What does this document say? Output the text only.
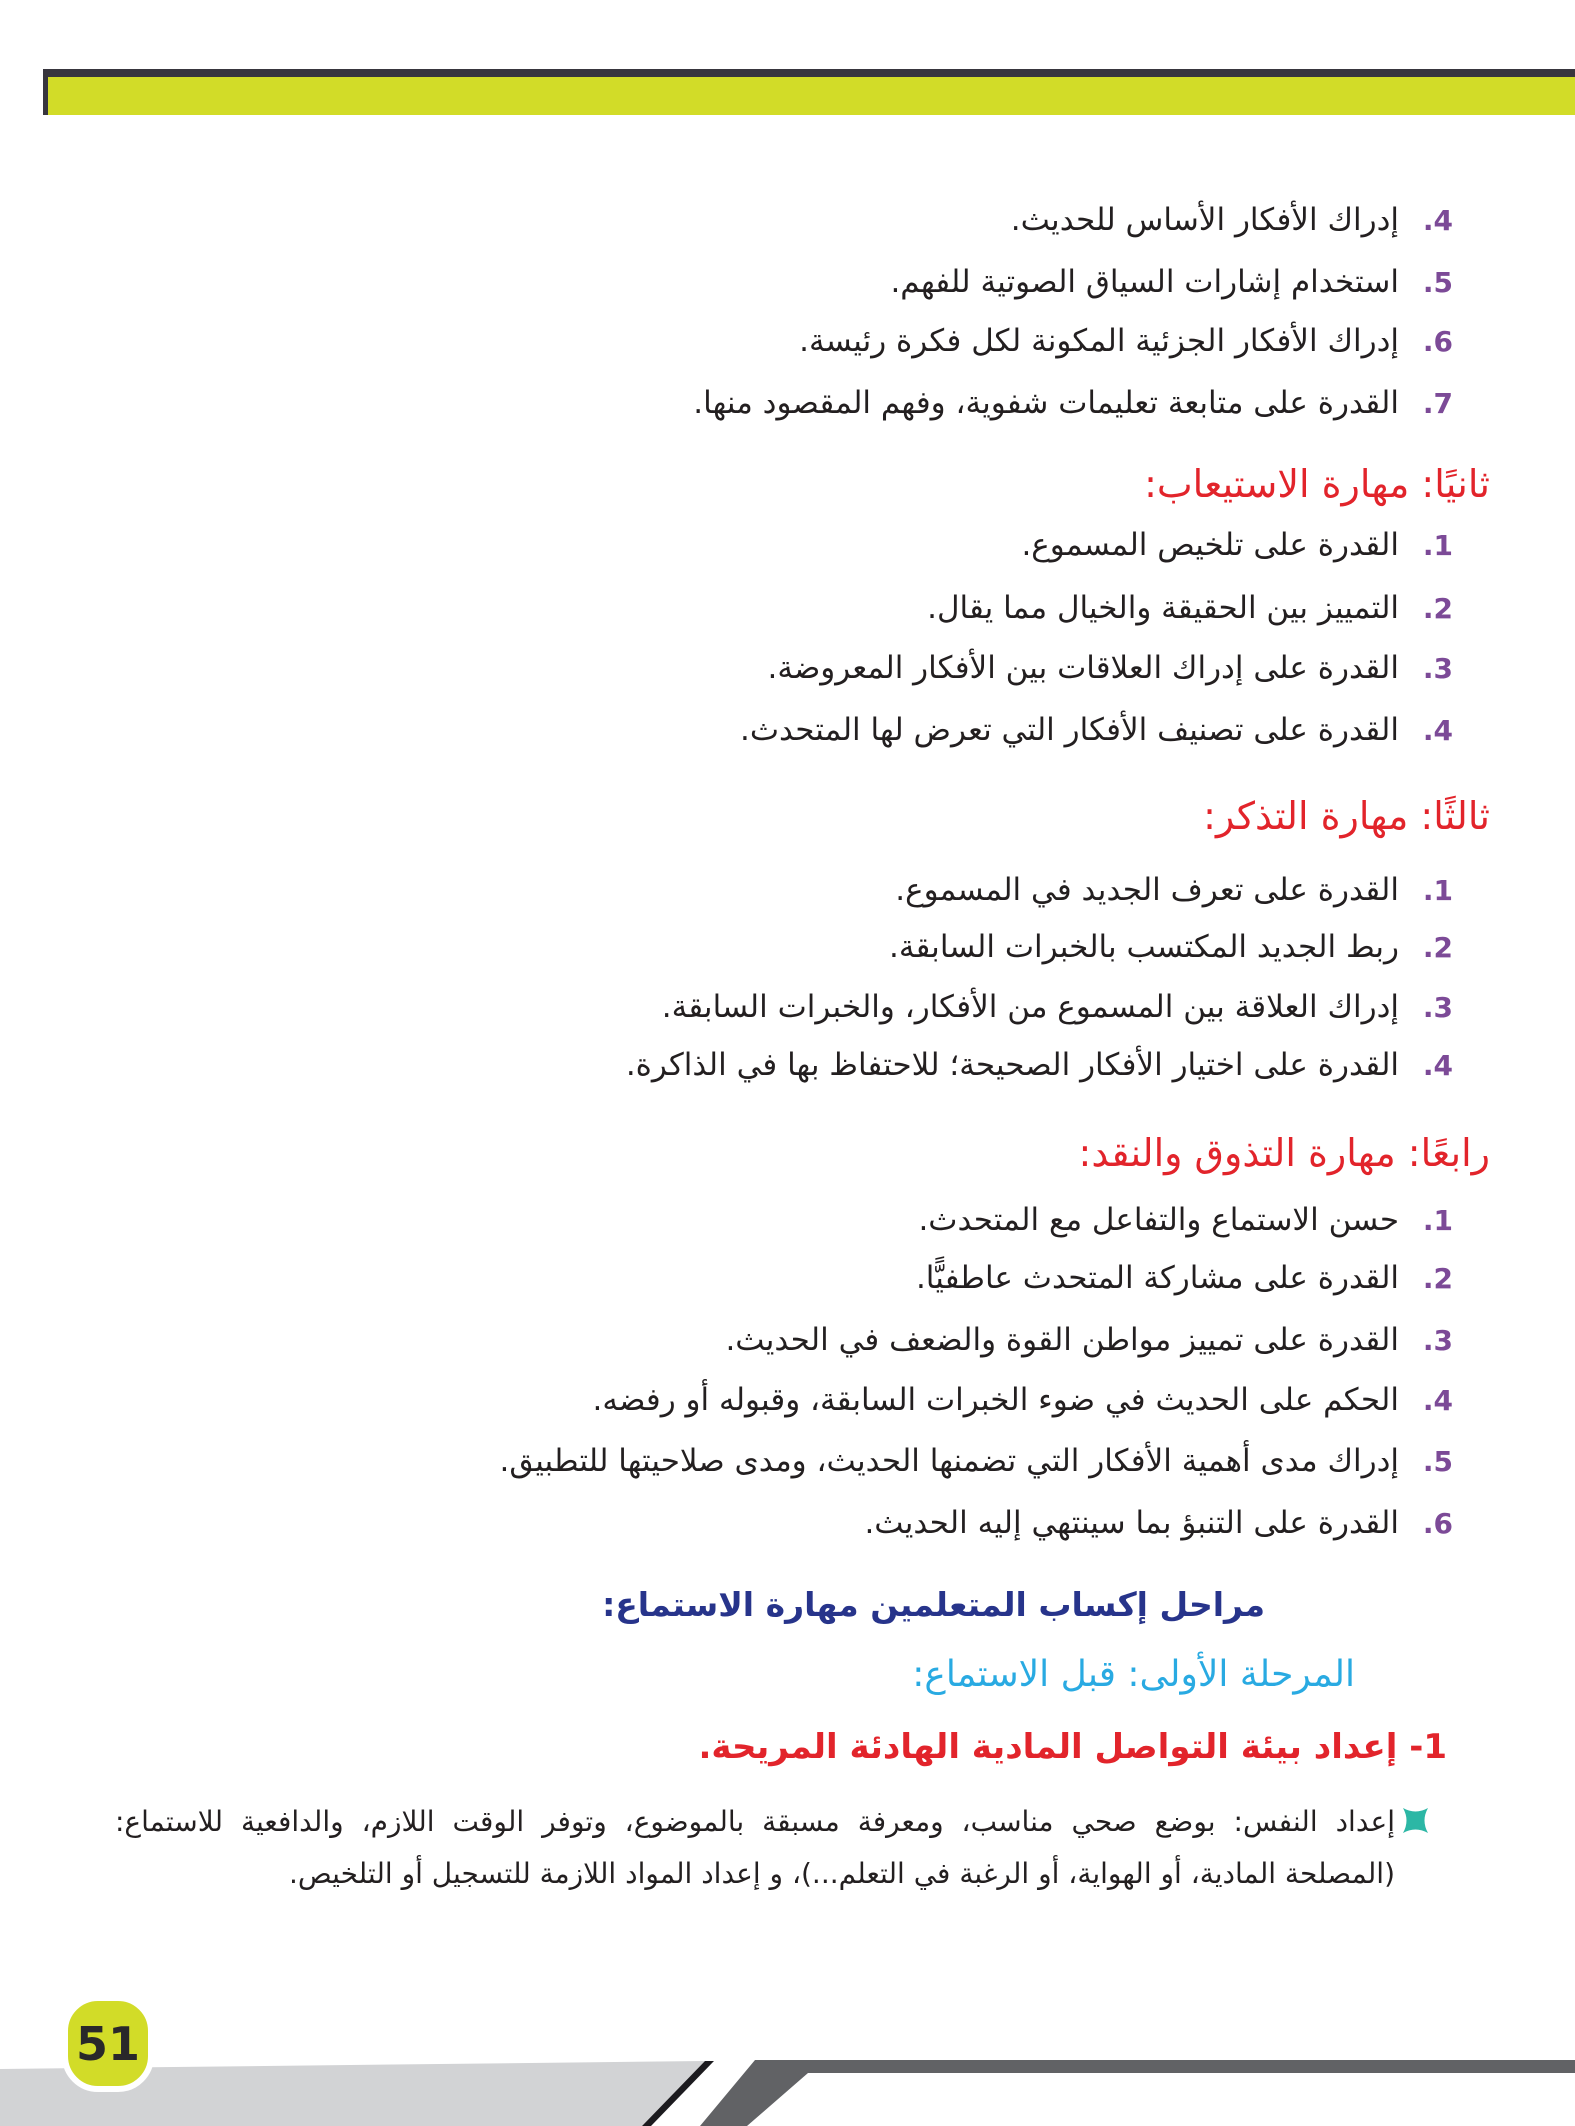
4.
إدراك الأفكار الأساس للحديث.
5.
استخدام إشارات السياق الصوتية للفهم.
6.
إدراك الأفكار الجزئية المكونة لكل فكرة رئيسة.
7.
القدرة على متابعة تعليمات شفوية، وفهم المقصود منها.
ثانيًا: مهارة الاستيعاب:
1.
القدرة على تلخيص المسموع.
2.
التمييز بين الحقيقة والخيال مما يقال.
3.
القدرة على إدراك العلاقات بين الأفكار المعروضة.
4.
القدرة على تصنيف الأفكار التي تعرض لها المتحدث.
ثالثًا: مهارة التذكر:
1.
القدرة على تعرف الجديد في المسموع.
2.
ربط الجديد المكتسب بالخبرات السابقة.
3.
إدراك العلاقة بين المسموع من الأفكار، والخبرات السابقة.
4.
القدرة على اختيار الأفكار الصحيحة؛ للاحتفاظ بها في الذاكرة.
رابعًا: مهارة التذوق والنقد:
1.
حسن الاستماع والتفاعل مع المتحدث.
2.
القدرة على مشاركة المتحدث عاطفيًّا.
3.
القدرة على تمييز مواطن القوة والضعف في الحديث.
4.
الحكم على الحديث في ضوء الخبرات السابقة، وقبوله أو رفضه.
5.
إدراك مدى أهمية الأفكار التي تضمنها الحديث، ومدى صلاحيتها للتطبيق.
6.
القدرة على التنبؤ بما سينتهي إليه الحديث.
مراحل إكساب المتعلمين مهارة الاستماع:
المرحلة الأولى: قبل الاستماع:
1- إعداد بيئة التواصل المادية الهادئة المريحة.
إعداد النفس: بوضع صحي مناسب، ومعرفة مسبقة بالموضوع، وتوفر الوقت اللازم، والدافعية للاستماع: (المصلحة المادية، أو الهواية، أو الرغبة في التعلم...)، و إعداد المواد اللازمة للتسجيل أو التلخيص.
51
